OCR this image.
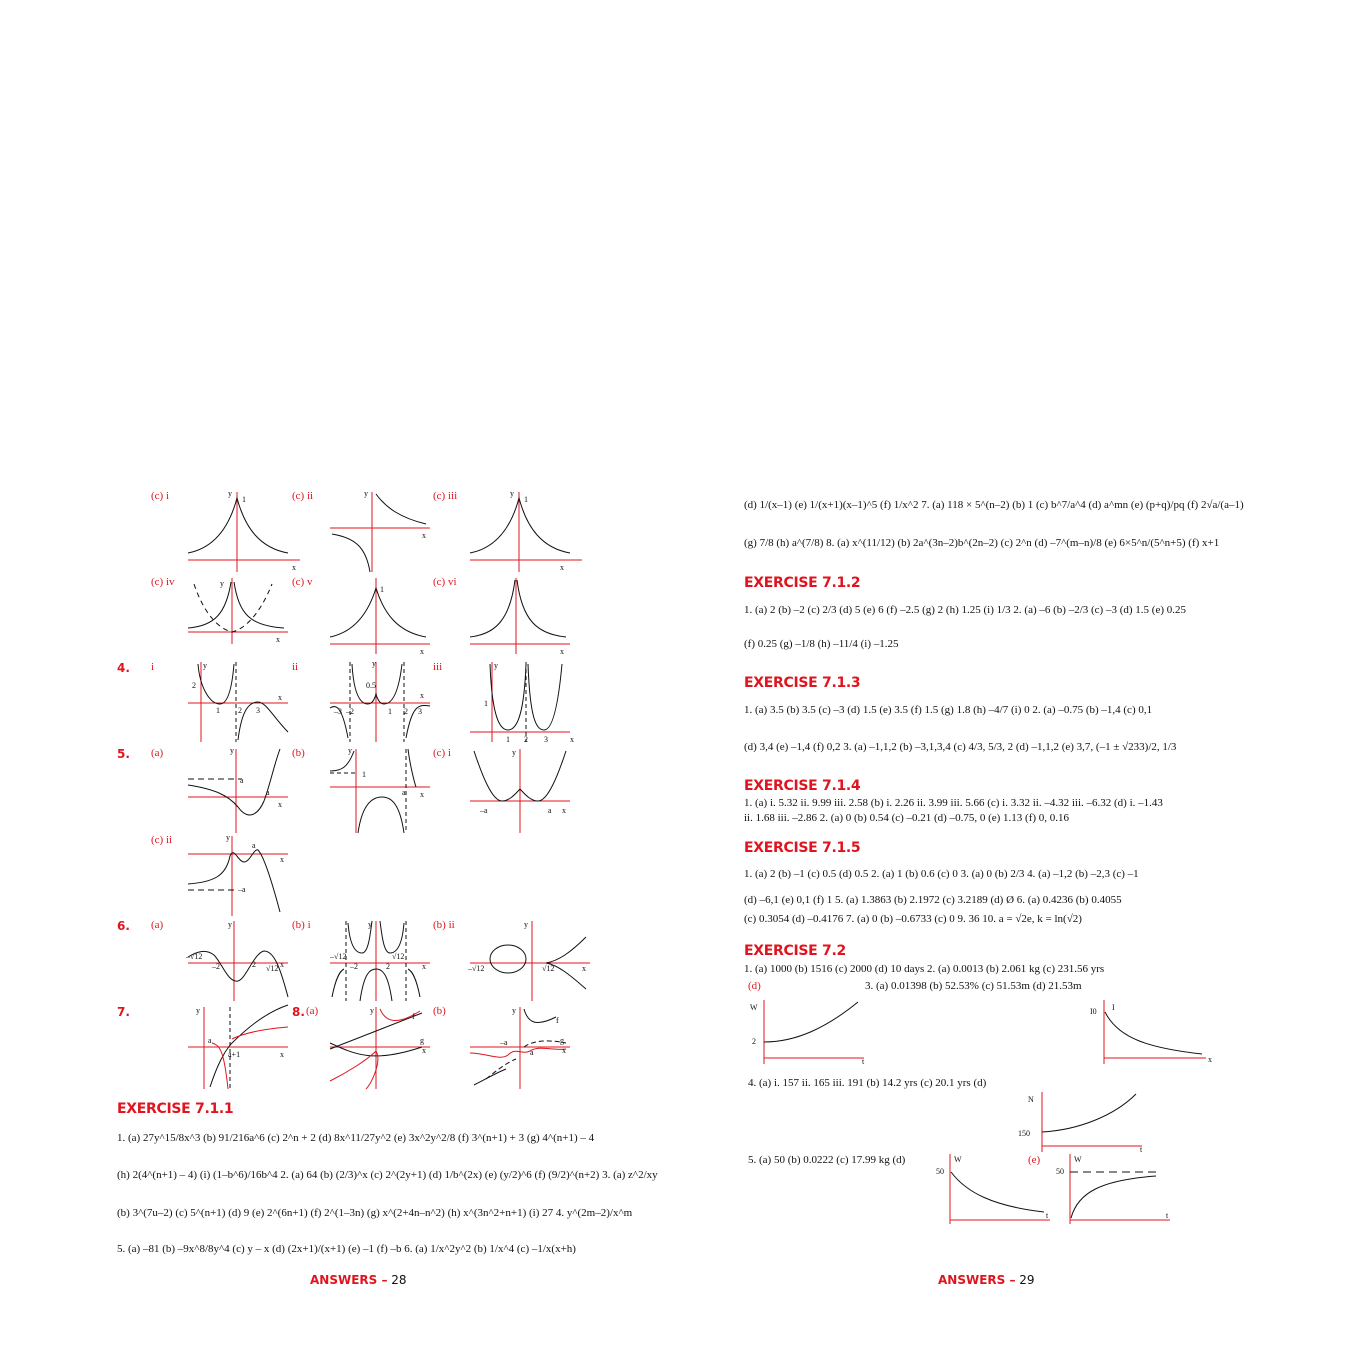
(c) i	(c) ii	(c) iii
y
1
x
y
x
y
1
x
(c) iv	(c) v	(c) vi
y
x
1
x	x
4. i	ii	iii
y
2
1 2 3
x
0.5
–3 –2	1 2 3
x
y	y
1
1 2 3	x
5. (a)	(b)	(c) i
y
a
a
x
y
1
a x
y
–a	a x
(c) ii	y
a
–a
x
6. (a)	(b) i	(b) ii
y
–√12
–2	2 √12 x
y
–√12
–2	2
√12
x
y
–√12	√12	x
7.	8. (a)	(b)
y
a
a+1	x
y
f
g
x
y
f
–a
a
g
x
EXERCISE 7.1.1
1. (a) 27y^15/8x^3 (b) 91/216a^6 (c) 2^n + 2 (d) 8x^11/27y^2 (e) 3x^2y^2/8 (f) 3^(n+1) + 3 (g) 4^(n+1) – 4
(h) 2(4^(n+1) – 4) (i) (1–b^6)/16b^4 2. (a) 64 (b) (2/3)^x (c) 2^(2y+1) (d) 1/b^(2x) (e) (y/2)^6 (f) (9/2)^(n+2) 3. (a) z^2/xy
(b) 3^(7u–2) (c) 5^(n+1) (d) 9 (e) 2^(6n+1) (f) 2^(1–3n) (g) x^(2+4n–n^2) (h) x^(3n^2+n+1) (i) 27 4. y^(2m–2)/x^m
5. (a) –81 (b) –9x^8/8y^4 (c) y – x (d) (2x+1)/(x+1) (e) –1 (f) –b 6. (a) 1/x^2y^2 (b) 1/x^4 (c) –1/x(x+h)
ANSWERS – 28
(d) 1/(x–1) (e) 1/(x+1)(x–1)^5 (f) 1/x^2 7. (a) 118 × 5^(n–2) (b) 1 (c) b^7/a^4 (d) a^mn (e) (p+q)/pq (f) 2√a/(a–1)
(g) 7/8 (h) a^(7/8) 8. (a) x^(11/12) (b) 2a^(3n–2)b^(2n–2) (c) 2^n (d) –7^(m–n)/8 (e) 6×5^n/(5^n+5) (f) x+1
EXERCISE 7.1.2
1. (a) 2 (b) –2 (c) 2/3 (d) 5 (e) 6 (f) –2.5 (g) 2 (h) 1.25 (i) 1/3 2. (a) –6 (b) –2/3 (c) –3 (d) 1.5 (e) 0.25
(f) 0.25 (g) –1/8 (h) –11/4 (i) –1.25
EXERCISE 7.1.3
1. (a) 3.5 (b) 3.5 (c) –3 (d) 1.5 (e) 3.5 (f) 1.5 (g) 1.8 (h) –4/7 (i) 0 2. (a) –0.75 (b) –1,4 (c) 0,1
(d) 3,4 (e) –1,4 (f) 0,2 3. (a) –1,1,2 (b) –3,1,3,4 (c) 4/3, 5/3, 2 (d) –1,1,2 (e) 3,7, (–1 ± √233)/2, 1/3
EXERCISE 7.1.4
1. (a) i. 5.32 ii. 9.99 iii. 2.58 (b) i. 2.26 ii. 3.99 iii. 5.66 (c) i. 3.32 ii. –4.32 iii. –6.32 (d) i. –1.43
ii. 1.68 iii. –2.86 2. (a) 0 (b) 0.54 (c) –0.21 (d) –0.75, 0 (e) 1.13 (f) 0, 0.16
EXERCISE 7.1.5
1. (a) 2 (b) –1 (c) 0.5 (d) 0.5 2. (a) 1 (b) 0.6 (c) 0 3. (a) 0 (b) 2/3 4. (a) –1,2 (b) –2,3 (c) –1
(d) –6,1 (e) 0,1 (f) 1 5. (a) 1.3863 (b) 2.1972 (c) 3.2189 (d) Ø 6. (a) 0.4236 (b) 0.4055
(c) 0.3054 (d) –0.4176 7. (a) 0 (b) –0.6733 (c) 0 9. 36 10. a = √2e, k = ln(√2)
EXERCISE 7.2
1. (a) 1000 (b) 1516 (c) 2000 (d) 10 days 2. (a) 0.0013 (b) 2.061 kg (c) 231.56 yrs
(d)	3. (a) 0.01398 (b) 52.53% (c) 51.53m (d) 21.53m
W
2
t
I
I0
x
4. (a) i. 157 ii. 165 iii. 191 (b) 14.2 yrs (c) 20.1 yrs (d)
N
150
t
5. (a) 50 (b) 0.0222 (c) 17.99 kg (d)	(e)
W
50
t
W
50
t
ANSWERS – 29
